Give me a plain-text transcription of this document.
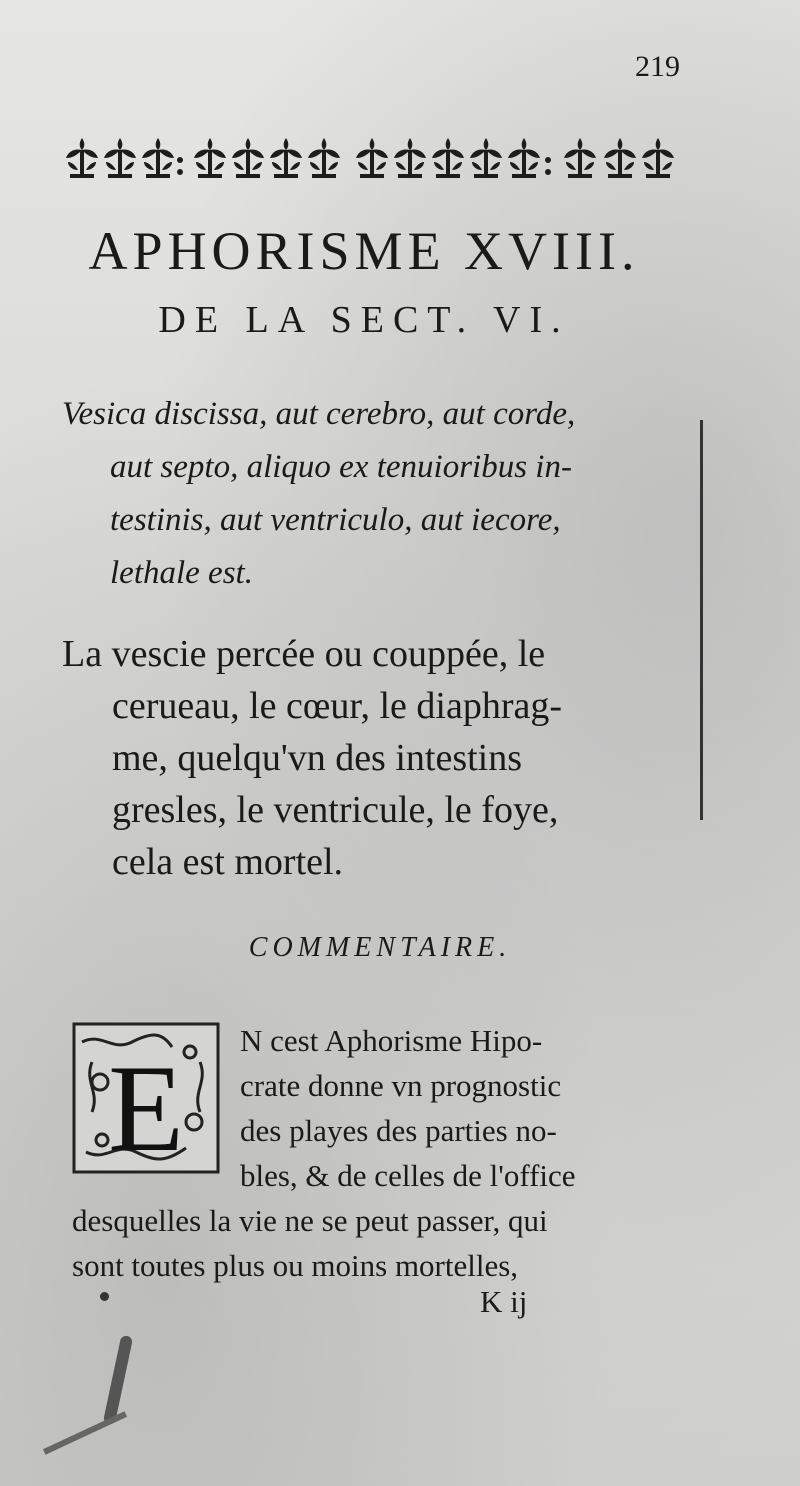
219
APHORISME XVIII.
DE LA SECT. VI.
Vesica discissa, aut cerebro, aut corde,
aut septo, aliquo ex tenuioribus in-
testinis, aut ventriculo, aut iecore,
lethale est.
La vescie percée ou couppée, le
cerueau, le cœur, le diaphrag-
me, quelqu'vn des intestins
gresles, le ventricule, le foye,
cela est mortel.
COMMENTAIRE.
E	N cest Aphorisme Hipo-
crate donne vn prognostic
des playes des parties no-
bles, & de celles de l'office
desquelles la vie ne se peut passer, qui
sont toutes plus ou moins mortelles,
K ij
